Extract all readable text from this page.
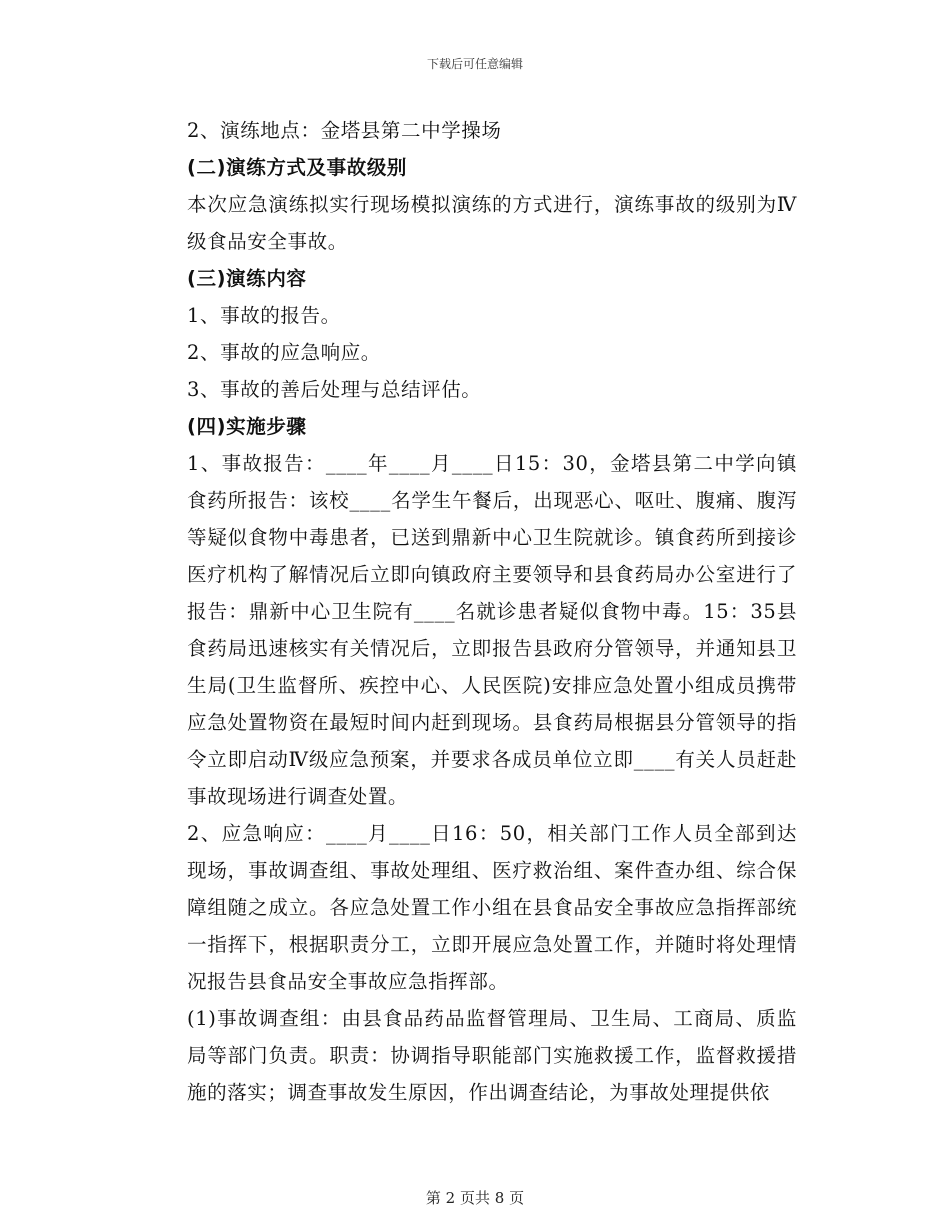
下载后可任意编辑

2、演练地点：金塔县第二中学操场

(二)演练方式及事故级别

本次应急演练拟实行现场模拟演练的方式进行，演练事故的级别为Ⅳ级食品安全事故。

(三)演练内容

1、事故的报告。

2、事故的应急响应。

3、事故的善后处理与总结评估。

(四)实施步骤

1、事故报告：____年____月____日15：30，金塔县第二中学向镇食药所报告：该校____名学生午餐后，出现恶心、呕吐、腹痛、腹泻等疑似食物中毒患者，已送到鼎新中心卫生院就诊。镇食药所到接诊医疗机构了解情况后立即向镇政府主要领导和县食药局办公室进行了报告：鼎新中心卫生院有____名就诊患者疑似食物中毒。15：35县食药局迅速核实有关情况后，立即报告县政府分管领导，并通知县卫生局(卫生监督所、疾控中心、人民医院)安排应急处置小组成员携带应急处置物资在最短时间内赶到现场。县食药局根据县分管领导的指令立即启动Ⅳ级应急预案，并要求各成员单位立即____有关人员赶赴事故现场进行调查处置。

2、应急响应：____月____日16：50，相关部门工作人员全部到达现场，事故调查组、事故处理组、医疗救治组、案件查办组、综合保障组随之成立。各应急处置工作小组在县食品安全事故应急指挥部统一指挥下，根据职责分工，立即开展应急处置工作，并随时将处理情况报告县食品安全事故应急指挥部。

(1)事故调查组：由县食品药品监督管理局、卫生局、工商局、质监局等部门负责。职责：协调指导职能部门实施救援工作，监督救援措施的落实；调查事故发生原因，作出调查结论，为事故处理提供依

第 2 页共 8 页
